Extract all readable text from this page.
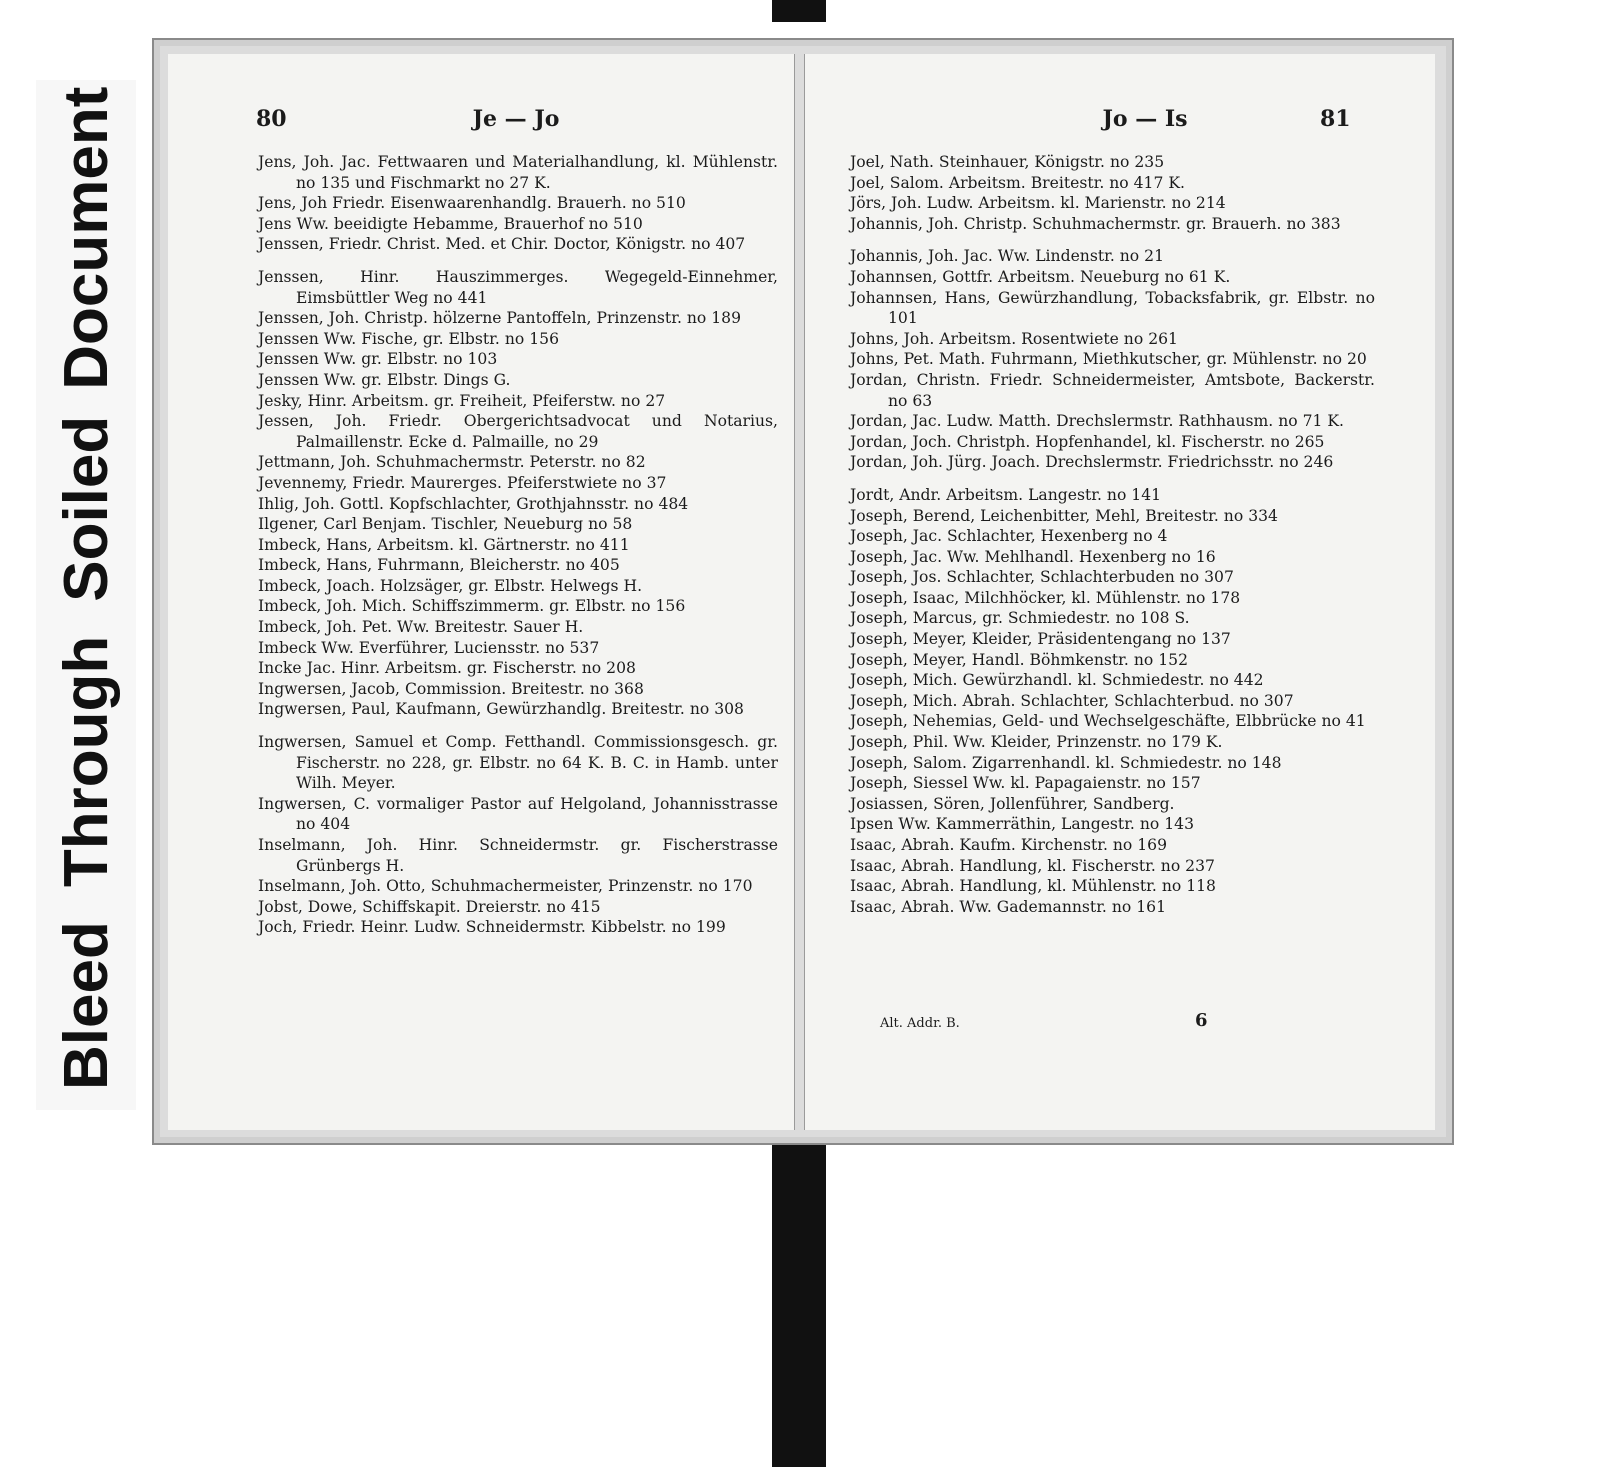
Bleed
Through
Soiled
Document	80	Je — Jo
Jens, Joh. Jac. Fettwaaren und Materialhandlung, kl. Mühlenstr. no 135 und Fischmarkt no 27 K.
Jens, Joh Friedr. Eisenwaarenhandlg. Brauerh. no 510
Jens Ww. beeidigte Hebamme, Brauerhof no 510
Jenssen, Friedr. Christ. Med. et Chir. Doctor, Königstr. no 407
Jenssen, Hinr. Hauszimmerges. Wegegeld-Einnehmer, Eimsbüttler Weg no 441
Jenssen, Joh. Christp. hölzerne Pantoffeln, Prinzenstr. no 189
Jenssen Ww. Fische, gr. Elbstr. no 156
Jenssen Ww. gr. Elbstr. no 103
Jenssen Ww. gr. Elbstr. Dings G.
Jesky, Hinr. Arbeitsm. gr. Freiheit, Pfeiferstw. no 27
Jessen, Joh. Friedr. Obergerichtsadvocat und Notarius, Palmaillenstr. Ecke d. Palmaille, no 29
Jettmann, Joh. Schuhmachermstr. Peterstr. no 82
Jevennemy, Friedr. Maurerges. Pfeiferstwiete no 37
Ihlig, Joh. Gottl. Kopfschlachter, Grothjahnsstr. no 484
Ilgener, Carl Benjam. Tischler, Neueburg no 58
Imbeck, Hans, Arbeitsm. kl. Gärtnerstr. no 411
Imbeck, Hans, Fuhrmann, Bleicherstr. no 405
Imbeck, Joach. Holzsäger, gr. Elbstr. Helwegs H.
Imbeck, Joh. Mich. Schiffszimmerm. gr. Elbstr. no 156
Imbeck, Joh. Pet. Ww. Breitestr. Sauer H.
Imbeck Ww. Everführer, Luciensstr. no 537
Incke Jac. Hinr. Arbeitsm. gr. Fischerstr. no 208
Ingwersen, Jacob, Commission. Breitestr. no 368
Ingwersen, Paul, Kaufmann, Gewürzhandlg. Breitestr. no 308
Ingwersen, Samuel et Comp. Fetthandl. Commissionsgesch. gr. Fischerstr. no 228, gr. Elbstr. no 64 K. B. C. in Hamb. unter Wilh. Meyer.
Ingwersen, C. vormaliger Pastor auf Helgoland, Johannisstrasse no 404
Inselmann, Joh. Hinr. Schneidermstr. gr. Fischerstrasse Grünbergs H.
Inselmann, Joh. Otto, Schuhmachermeister, Prinzenstr. no 170
Jobst, Dowe, Schiffskapit. Dreierstr. no 415
Joch, Friedr. Heinr. Ludw. Schneidermstr. Kibbelstr. no 199
Jo — Is	81
Joel, Nath. Steinhauer, Königstr. no 235
Joel, Salom. Arbeitsm. Breitestr. no 417 K.
Jörs, Joh. Ludw. Arbeitsm. kl. Marienstr. no 214
Johannis, Joh. Christp. Schuhmachermstr. gr. Brauerh. no 383
Johannis, Joh. Jac. Ww. Lindenstr. no 21
Johannsen, Gottfr. Arbeitsm. Neueburg no 61 K.
Johannsen, Hans, Gewürzhandlung, Tobacksfabrik, gr. Elbstr. no 101
Johns, Joh. Arbeitsm. Rosentwiete no 261
Johns, Pet. Math. Fuhrmann, Miethkutscher, gr. Mühlenstr. no 20
Jordan, Christn. Friedr. Schneidermeister, Amtsbote, Backerstr. no 63
Jordan, Jac. Ludw. Matth. Drechslermstr. Rathhausm. no 71 K.
Jordan, Joch. Christph. Hopfenhandel, kl. Fischerstr. no 265
Jordan, Joh. Jürg. Joach. Drechslermstr. Friedrichsstr. no 246
Jordt, Andr. Arbeitsm. Langestr. no 141
Joseph, Berend, Leichenbitter, Mehl, Breitestr. no 334
Joseph, Jac. Schlachter, Hexenberg no 4
Joseph, Jac. Ww. Mehlhandl. Hexenberg no 16
Joseph, Jos. Schlachter, Schlachterbuden no 307
Joseph, Isaac, Milchhöcker, kl. Mühlenstr. no 178
Joseph, Marcus, gr. Schmiedestr. no 108 S.
Joseph, Meyer, Kleider, Präsidentengang no 137
Joseph, Meyer, Handl. Böhmkenstr. no 152
Joseph, Mich. Gewürzhandl. kl. Schmiedestr. no 442
Joseph, Mich. Abrah. Schlachter, Schlachterbud. no 307
Joseph, Nehemias, Geld- und Wechselgeschäfte, Elbbrücke no 41
Joseph, Phil. Ww. Kleider, Prinzenstr. no 179 K.
Joseph, Salom. Zigarrenhandl. kl. Schmiedestr. no 148
Joseph, Siessel Ww. kl. Papagaienstr. no 157
Josiassen, Sören, Jollenführer, Sandberg.
Ipsen Ww. Kammerräthin, Langestr. no 143
Isaac, Abrah. Kaufm. Kirchenstr. no 169
Isaac, Abrah. Handlung, kl. Fischerstr. no 237
Isaac, Abrah. Handlung, kl. Mühlenstr. no 118
Isaac, Abrah. Ww. Gademannstr. no 161
Alt. Addr. B.	6
